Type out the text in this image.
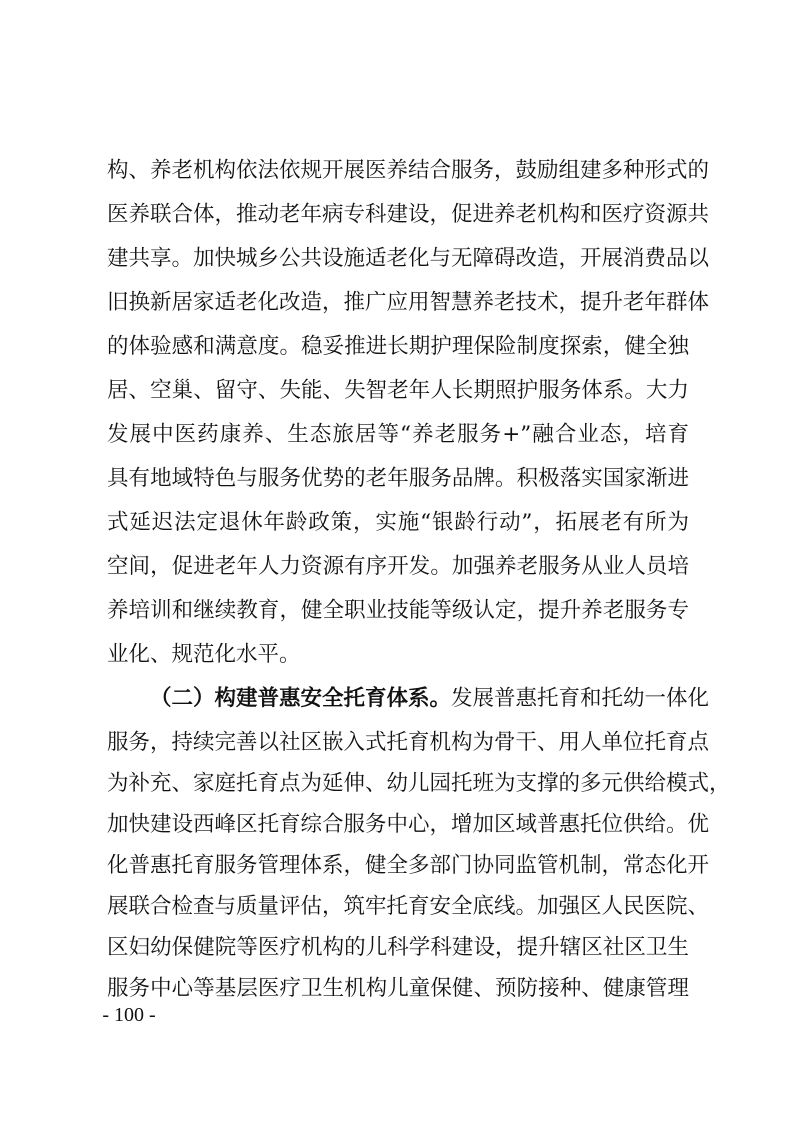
构、养老机构依法依规开展医养结合服务，鼓励组建多种形式的
医养联合体，推动老年病专科建设，促进养老机构和医疗资源共
建共享。加快城乡公共设施适老化与无障碍改造，开展消费品以
旧换新居家适老化改造，推广应用智慧养老技术，提升老年群体
的体验感和满意度。稳妥推进长期护理保险制度探索，健全独
居、空巢、留守、失能、失智老年人长期照护服务体系。大力
发展中医药康养、生态旅居等“养老服务+”融合业态，培育
具有地域特色与服务优势的老年服务品牌。积极落实国家渐进
式延迟法定退休年龄政策，实施“银龄行动”，拓展老有所为
空间，促进老年人力资源有序开发。加强养老服务从业人员培
养培训和继续教育，健全职业技能等级认定，提升养老服务专
业化、规范化水平。
（二）构建普惠安全托育体系。发展普惠托育和托幼一体化
服务，持续完善以社区嵌入式托育机构为骨干、用人单位托育点
为补充、家庭托育点为延伸、幼儿园托班为支撑的多元供给模式，
加快建设西峰区托育综合服务中心，增加区域普惠托位供给。优
化普惠托育服务管理体系，健全多部门协同监管机制，常态化开
展联合检查与质量评估，筑牢托育安全底线。加强区人民医院、
区妇幼保健院等医疗机构的儿科学科建设，提升辖区社区卫生
服务中心等基层医疗卫生机构儿童保健、预防接种、健康管理
- 100 -
